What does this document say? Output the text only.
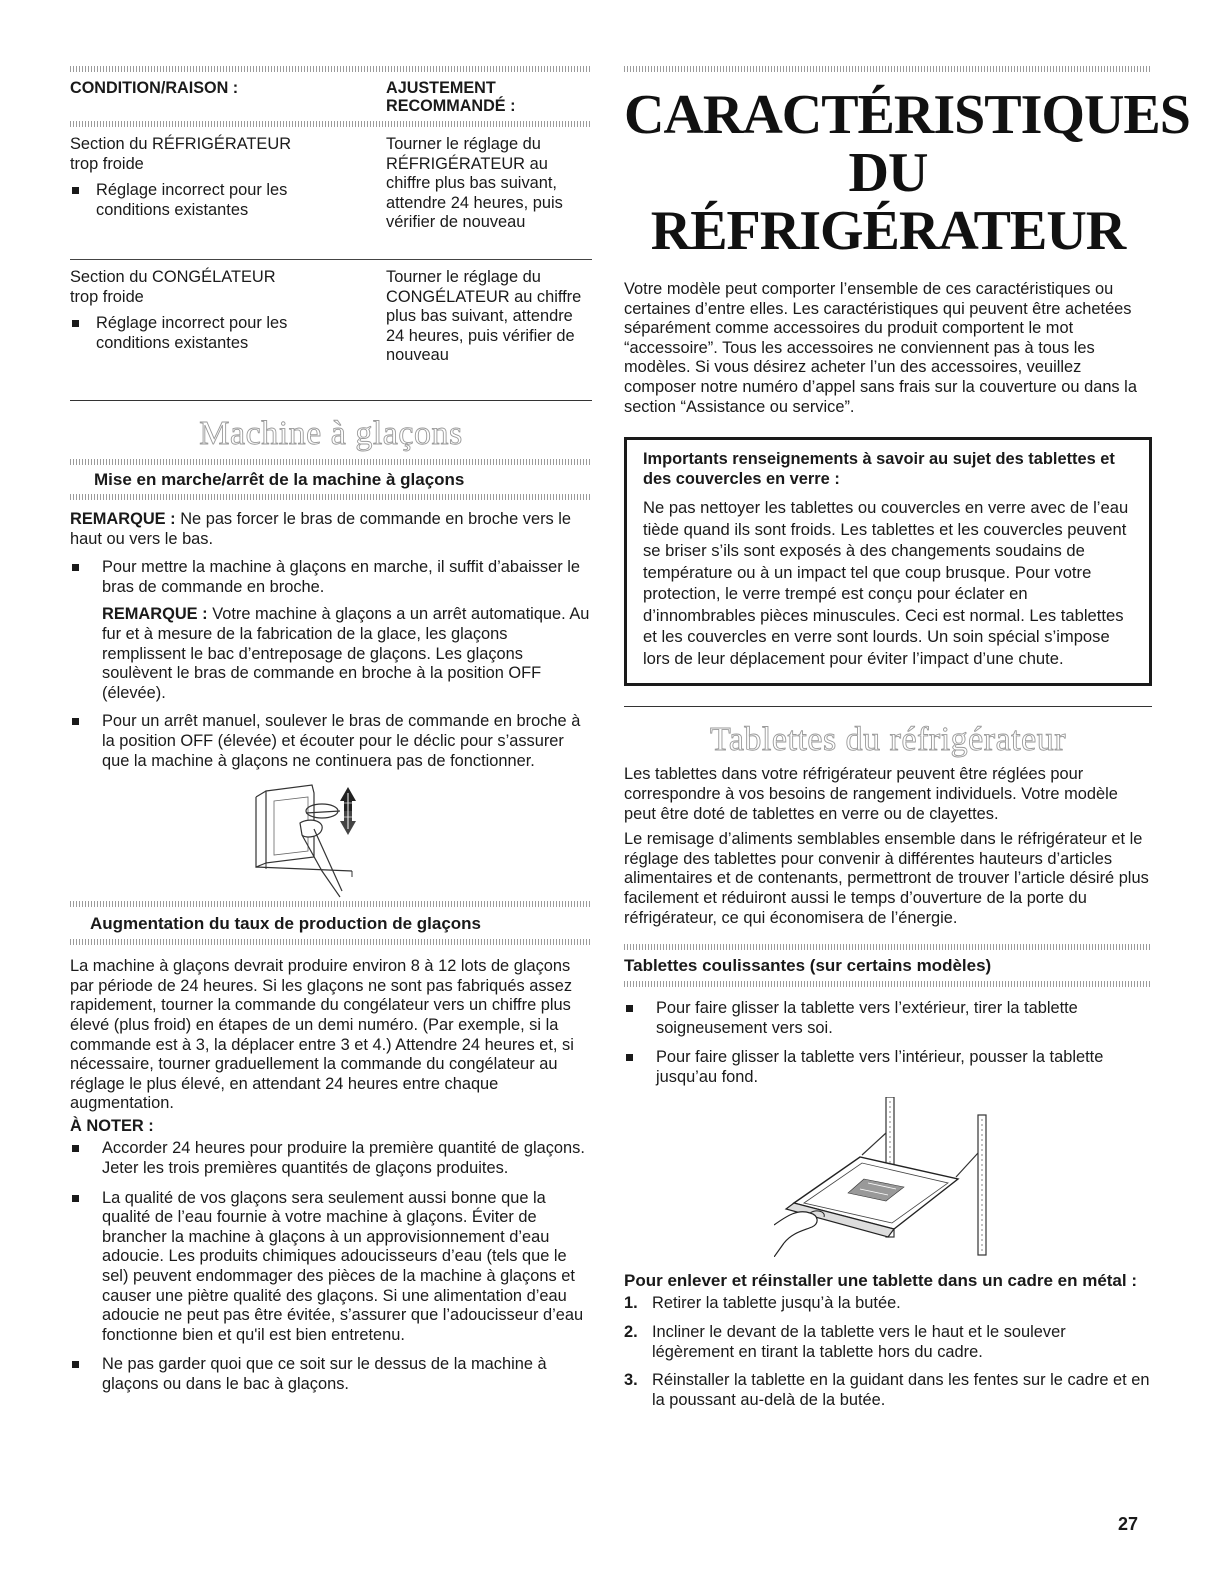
CONDITION/RAISON :	AJUSTEMENT
RECOMMANDÉ :
Section du RÉFRIGÉRATEUR
trop froide
Réglage incorrect pour les conditions existantes
Tourner le réglage du RÉFRIGÉRATEUR au chiffre plus bas suivant, attendre 24 heures, puis vérifier de nouveau
Section du CONGÉLATEUR
trop froide
Réglage incorrect pour les conditions existantes
Tourner le réglage du CONGÉLATEUR au chiffre plus bas suivant, attendre 24 heures, puis vérifier de nouveau
Machine à glaçons
Mise en marche/arrêt de la machine à glaçons

REMARQUE : Ne pas forcer le bras de commande en broche vers le haut ou vers le bas.

Pour mettre la machine à glaçons en marche, il suffit d’abaisser le bras de commande en broche.

REMARQUE : Votre machine à glaçons a un arrêt automatique. Au fur et à mesure de la fabrication de la glace, les glaçons remplissent le bac d’entreposage de glaçons. Les glaçons soulèvent le bras de commande en broche à la position OFF (élevée).

Pour un arrêt manuel, soulever le bras de commande en broche à la position OFF (élevée) et écouter pour le déclic pour s’assurer que la machine à glaçons ne continuera pas de fonctionner.
Augmentation du taux de production de glaçons

La machine à glaçons devrait produire environ 8 à 12 lots de glaçons par période de 24 heures. Si les glaçons ne sont pas fabriqués assez rapidement, tourner la commande du congélateur vers un chiffre plus élevé (plus froid) en étapes de un demi numéro. (Par exemple, si la commande est à 3, la déplacer entre 3 et 4.) Attendre 24 heures et, si nécessaire, tourner graduellement la commande du congélateur au réglage le plus élevé, en attendant 24 heures entre chaque augmentation.

À NOTER :

Accorder 24 heures pour produire la première quantité de glaçons. Jeter les trois premières quantités de glaçons produites.
La qualité de vos glaçons sera seulement aussi bonne que la qualité de l’eau fournie à votre machine à glaçons. Éviter de brancher la machine à glaçons à un approvisionnement d’eau adoucie. Les produits chimiques adoucisseurs d’eau (tels que le sel) peuvent endommager des pièces de la machine à glaçons et causer une piètre qualité des glaçons. Si une alimentation d’eau adoucie ne peut pas être évitée, s’assurer que l’adoucisseur d’eau fonctionne bien et qu'il est bien entretenu.
Ne pas garder quoi que ce soit sur le dessus de la machine à glaçons ou dans le bac à glaçons.
CARACTÉRISTIQUES DU
RÉFRIGÉRATEUR

Votre modèle peut comporter l’ensemble de ces caractéristiques ou certaines d’entre elles. Les caractéristiques qui peuvent être achetées séparément comme accessoires du produit comportent le mot “accessoire”. Tous les accessoires ne conviennent pas à tous les modèles. Si vous désirez acheter l’un des accessoires, veuillez composer notre numéro d’appel sans frais sur la couverture ou dans la section “Assistance ou service”.

Importants renseignements à savoir au sujet des tablettes et des couvercles en verre :

Ne pas nettoyer les tablettes ou couvercles en verre avec de l’eau tiède quand ils sont froids. Les tablettes et les couvercles peuvent se briser s’ils sont exposés à des changements soudains de température ou à un impact tel que coup brusque. Pour votre protection, le verre trempé est conçu pour éclater en d’innombrables pièces minuscules. Ceci est normal. Les tablettes et les couvercles en verre sont lourds. Un soin spécial s’impose lors de leur déplacement pour éviter l’impact d’une chute.

Tablettes du réfrigérateur

Les tablettes dans votre réfrigérateur peuvent être réglées pour correspondre à vos besoins de rangement individuels. Votre modèle peut être doté de tablettes en verre ou de clayettes.

Le remisage d’aliments semblables ensemble dans le réfrigérateur et le réglage des tablettes pour convenir à différentes hauteurs d’articles alimentaires et de contenants, permettront de trouver l’article désiré plus facilement et réduiront aussi le temps d’ouverture de la porte du réfrigérateur, ce qui économisera de l’énergie.

Tablettes coulissantes (sur certains modèles)
Pour faire glisser la tablette vers l’extérieur, tirer la tablette soigneusement vers soi.
Pour faire glisser la tablette vers l’intérieur, pousser la tablette jusqu’au fond.

Pour enlever et réinstaller une tablette dans un cadre en métal :

1. Retirer la tablette jusqu’à la butée.
2. Incliner le devant de la tablette vers le haut et le soulever légèrement en tirant la tablette hors du cadre.
3. Réinstaller la tablette en la guidant dans les fentes sur le cadre et en la poussant au-delà de la butée.
27
